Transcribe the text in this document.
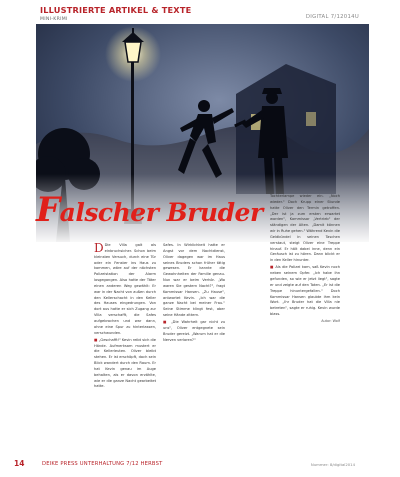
ILLUSTRIERTE ARTIKEL & TEXTE
MINI-KRIMI	DIGITAL 7/12014U
Falscher Bruder

D Die Villa galt als einbruchsicher. Schon beim kleinsten Versuch, durch eine Tür oder ein Fenster ins Haus zu kommen, wäre auf der nächsten Polizeistation der Alarm losgegangen. Also hatte der Täter einen anderen Weg gewählt: Er war in der Nacht von außen durch den Kellerschacht in den Keller des Hauses eingedrungen. Von dort aus hatte er sich Zugang zur Villa verschafft, die Safes aufgebrochen und war dann, ohne eine Spur zu hinterlassen, verschwunden.

■ „Geschafft!" Kevin reibt sich die Hände. Aufmerksam mustert er die Kellerleuten. Oliver bleibt stehen. Er ist erschöpft, doch sein Blick wandert durch den Raum. Er hat Kevin genau im Auge behalten, als er davon erzählte, wie er die ganze Nacht gearbeitet hatte.

Safes. In Wirklichkeit hatte er Angst vor dem Nachtdienst, Oliver dagegen war im Haus seines Bruders schon früher tätig gewesen. Er kannte die Gewohnheiten der Familie genau. Nun war er beim Verhör. „Wo waren Sie gestern Nacht?", fragt Kommissar Hansen. „Zu Hause", antwortet Kevin. „Ich war die ganze Nacht bei meiner Frau." Seine Stimme klingt fest, aber seine Hände zittern.

■ „Die Wahrheit gar nicht zu uns", Oliver entgegnete sein Bruder gereizt. „Warum hat er die Nerven verloren?"

Tochterlampe wieder ein. „Noch wieder." Doch Krupp einer Stunde hatte Oliver den Termin getroffen. „Der ist ja zum ersten erwartet worden", Kommissar „Vertrieb" der ständigen der Alten. „Damit können wir in Ruhe gehen." Während Kevin die Geldbündel in seinen Taschen verstaut, steigt Oliver eine Treppe hinauf. Er hält dabei inne, denn ein Geräusch ist zu hören. Dann blickt er in den Keller hinunter.

■ Als die Polizei kam, saß Kevin noch neben seinem Opfer. „Ich habe ihn gefunden, so wie er jetzt liegt", sagte er und zeigte auf den Toten. „Er ist die Treppe hinuntergefallen." Doch Kommissar Hansen glaubte ihm kein Wort. „Ihr Bruder hat die Villa nie betreten", sagte er ruhig. Kevin wurde blass.

Autor: Wolf
14	DEIKE PRESS UNTERHALTUNG 7/12 HERBST	Nummer: 8/digital2014
